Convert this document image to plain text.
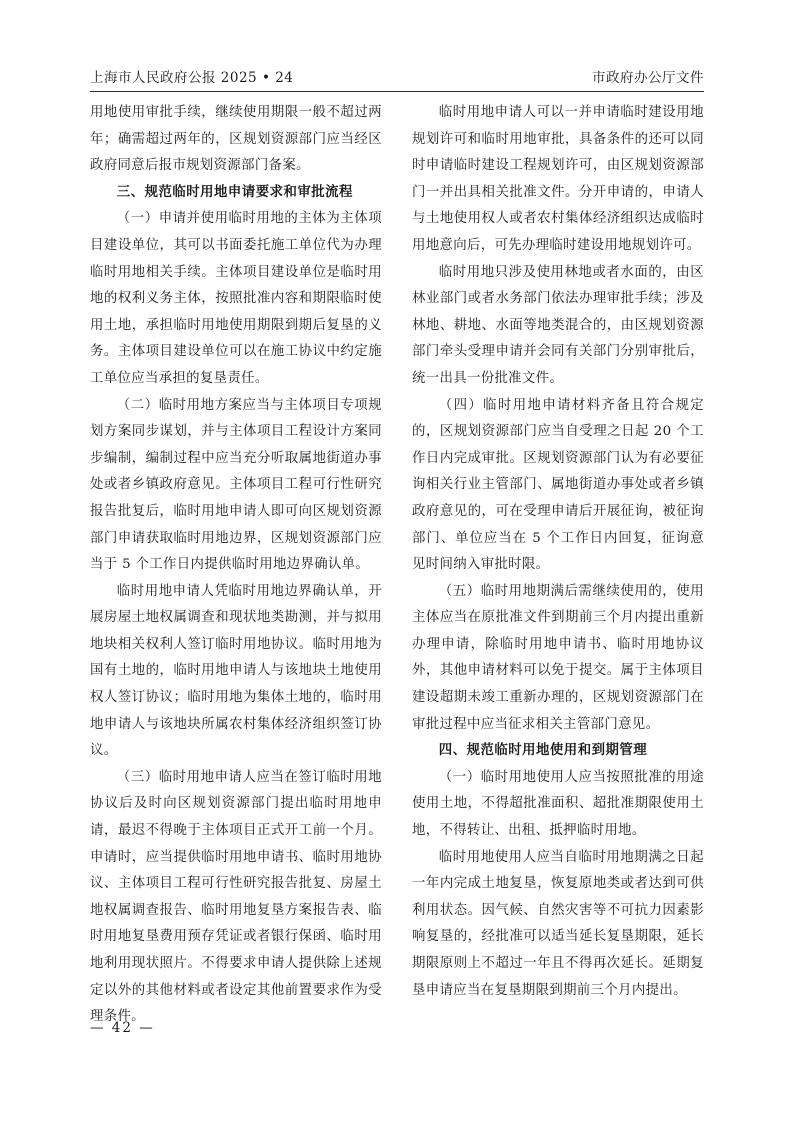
上海市人民政府公报 2025 • 24	市政府办公厅文件

用地使用审批手续，继续使用期限一般不超过两年；确需超过两年的，区规划资源部门应当经区政府同意后报市规划资源部门备案。

三、规范临时用地申请要求和审批流程

（一）申请并使用临时用地的主体为主体项目建设单位，其可以书面委托施工单位代为办理临时用地相关手续。主体项目建设单位是临时用地的权利义务主体，按照批准内容和期限临时使用土地，承担临时用地使用期限到期后复垦的义务。主体项目建设单位可以在施工协议中约定施工单位应当承担的复垦责任。

（二）临时用地方案应当与主体项目专项规划方案同步谋划，并与主体项目工程设计方案同步编制，编制过程中应当充分听取属地街道办事处或者乡镇政府意见。主体项目工程可行性研究报告批复后，临时用地申请人即可向区规划资源部门申请获取临时用地边界，区规划资源部门应当于 5 个工作日内提供临时用地边界确认单。

临时用地申请人凭临时用地边界确认单，开展房屋土地权属调查和现状地类勘测，并与拟用地块相关权利人签订临时用地协议。临时用地为国有土地的，临时用地申请人与该地块土地使用权人签订协议；临时用地为集体土地的，临时用地申请人与该地块所属农村集体经济组织签订协议。

（三）临时用地申请人应当在签订临时用地协议后及时向区规划资源部门提出临时用地申请，最迟不得晚于主体项目正式开工前一个月。申请时，应当提供临时用地申请书、临时用地协议、主体项目工程可行性研究报告批复、房屋土地权属调查报告、临时用地复垦方案报告表、临时用地复垦费用预存凭证或者银行保函、临时用地利用现状照片。不得要求申请人提供除上述规定以外的其他材料或者设定其他前置要求作为受理条件。

临时用地申请人可以一并申请临时建设用地规划许可和临时用地审批，具备条件的还可以同时申请临时建设工程规划许可，由区规划资源部门一并出具相关批准文件。分开申请的，申请人与土地使用权人或者农村集体经济组织达成临时用地意向后，可先办理临时建设用地规划许可。

临时用地只涉及使用林地或者水面的，由区林业部门或者水务部门依法办理审批手续；涉及林地、耕地、水面等地类混合的，由区规划资源部门牵头受理申请并会同有关部门分别审批后，统一出具一份批准文件。

（四）临时用地申请材料齐备且符合规定的，区规划资源部门应当自受理之日起 20 个工作日内完成审批。区规划资源部门认为有必要征询相关行业主管部门、属地街道办事处或者乡镇政府意见的，可在受理申请后开展征询，被征询部门、单位应当在 5 个工作日内回复，征询意见时间纳入审批时限。

（五）临时用地期满后需继续使用的，使用主体应当在原批准文件到期前三个月内提出重新办理申请，除临时用地申请书、临时用地协议外，其他申请材料可以免于提交。属于主体项目建设超期未竣工重新办理的，区规划资源部门在审批过程中应当征求相关主管部门意见。

四、规范临时用地使用和到期管理

（一）临时用地使用人应当按照批准的用途使用土地，不得超批准面积、超批准期限使用土地，不得转让、出租、抵押临时用地。

临时用地使用人应当自临时用地期满之日起一年内完成土地复垦，恢复原地类或者达到可供利用状态。因气候、自然灾害等不可抗力因素影响复垦的，经批准可以适当延长复垦期限，延长期限原则上不超过一年且不得再次延长。延期复垦申请应当在复垦期限到期前三个月内提出。

— 42 —
